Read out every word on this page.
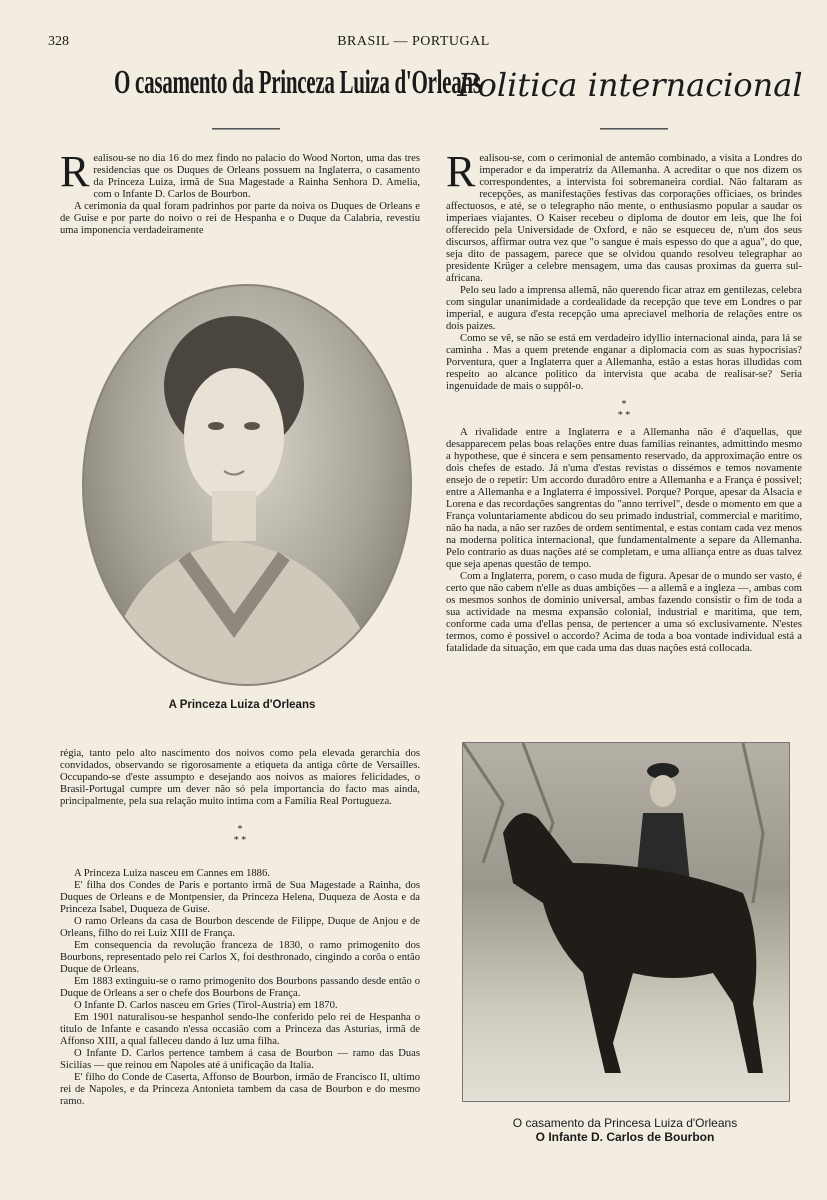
328	BRASIL — PORTUGAL
O casamento da Princeza Luiza d'Orleans
Politica internacional
R ealisou-se no dia 16 do mez findo no palacio do Wood Norton, uma das tres residencias que os Duques de Orleans possuem na Inglaterra, o casamento da Princeza Luiza, irmã de Sua Magestade a Rainha Senhora D. Amelia, com o Infante D. Carlos de Bourbon.

A cerimonia da qual foram padrinhos por parte da noiva os Duques de Orleans e de Guise e por parte do noivo o rei de Hespanha e o Duque da Calabria, revestiu uma imponencia verdadeiramente

A Princeza Luiza d'Orleans

régia, tanto pelo alto nascimento dos noivos como pela elevada gerarchia dos convidados, observando se rigorosamente a etiqueta da antiga côrte de Versailles. Occupando-se d'este assumpto e desejando aos noivos as maiores felicidades, o Brasil-Portugal cumpre um dever não só pela importancia do facto mas ainda, principalmente, pela sua relação muito intima com a Familia Real Portugueza.

*
* *

A Princeza Luiza nasceu em Cannes em 1886.

E' filha dos Condes de Paris e portanto irmã de Sua Magestade a Rainha, dos Duques de Orleans e de Montpensier, da Princeza Helena, Duqueza de Aosta e da Princeza Isabel, Duqueza de Guise.

O ramo Orleans da casa de Bourbon descende de Filippe, Duque de Anjou e de Orleans, filho do rei Luiz XIII de França.

Em consequencia da revolução franceza de 1830, o ramo primogenito dos Bourbons, representado pelo rei Carlos X, foi desthronado, cingindo a corôa o então Duque de Orleans.

Em 1883 extinguiu-se o ramo primogenito dos Bourbons passando desde então o Duque de Orleans a ser o chefe dos Bourbons de França.

O Infante D. Carlos nasceu em Gries (Tirol-Austria) em 1870.

Em 1901 naturalisou-se hespanhol sendo-lhe conferido pelo rei de Hespanha o titulo de Infante e casando n'essa occasião com a Princeza das Asturias, irmã de Affonso XIII, a qual falleceu dando á luz uma filha.

O Infante D. Carlos pertence tambem á casa de Bourbon — ramo das Duas Sicilias — que reinou em Napoles até á unificação da Italia.

E' filho do Conde de Caserta, Affonso de Bourbon, irmão de Francisco II, ultimo rei de Napoles, e da Princeza Antonieta tambem da casa de Bourbon e do mesmo ramo.

R ealisou-se, com o cerimonial de antemão combinado, a visita a Londres do imperador e da imperatriz da Allemanha. A acreditar o que nos dizem os correspondentes, a intervista foi sobremaneira cordial. Não faltaram as recepções, as manifestações festivas das corporações officiaes, os brindes affectuosos, e até, se o telegrapho não mente, o enthusiasmo popular a saudar os imperiaes viajantes. O Kaiser recebeu o diploma de doutor em leis, que lhe foi offerecido pela Universidade de Oxford, e não se esqueceu de, n'um dos seus discursos, affirmar outra vez que "o sangue é mais espesso do que a agua", do que, seja dito de passagem, parece que se olvidou quando resolveu telegraphar ao presidente Krüger a celebre mensagem, uma das causas proximas da guerra sul-africana.

Pelo seu lado a imprensa allemã, não querendo ficar atraz em gentilezas, celebra com singular unanimidade a cordealidade da recepção que teve em Londres o par imperial, e augura d'esta recepção uma apreciavel melhoria de relações entre os dois paizes.

Como se vê, se não se está em verdadeiro idyllio internacional ainda, para lá se caminha . Mas a quem pretende enganar a diplomacia com as suas hypocrisias? Porventura, quer a Inglaterra quer a Allemanha, estão a estas horas illudidas com respeito ao alcance politico da intervista que acaba de realisar-se? Seria ingenuidade de mais o suppôl-o.

*
* *

A rivalidade entre a Inglaterra e a Allemanha não é d'aquellas, que desapparecem pelas boas relações entre duas familias reinantes, admittindo mesmo a hypothese, que é sincera e sem pensamento reservado, da approximação entre os dois chefes de estado. Já n'uma d'estas revistas o dissémos e temos novamente ensejo de o repetir: Um accordo duradôro entre a Allemanha e a França é possivel; entre a Allemanha e a Inglaterra é impossivel. Porque? Porque, apesar da Alsacia e Lorena e das recordações sangrentas do "anno terrivel", desde o momento em que a França voluntariamente abdicou do seu primado industrial, commercial e maritimo, não ha nada, a não ser razões de ordem sentimental, e estas contam cada vez menos na moderna politica internacional, que fundamentalmente a separe da Allemanha. Pelo contrario as duas nações até se completam, e uma alliança entre as duas talvez que seja apenas questão de tempo.

Com a Inglaterra, porem, o caso muda de figura. Apesar de o mundo ser vasto, é certo que não cabem n'elle as duas ambições — a allemã e a ingleza —, ambas com os mesmos sonhos de dominio universal, ambas fazendo consistir o fim de toda a sua actividade na mesma expansão colonial, industrial e maritima, que tem, conforme cada uma d'ellas pensa, de pertencer a uma só exclusivamente. N'estes termos, como é possivel o accordo? Acima de toda a boa vontade individual está a fatalidade da situação, em que cada uma das duas nações está collocada.

O casamento da Princesa Luiza d'Orleans
O Infante D. Carlos de Bourbon
